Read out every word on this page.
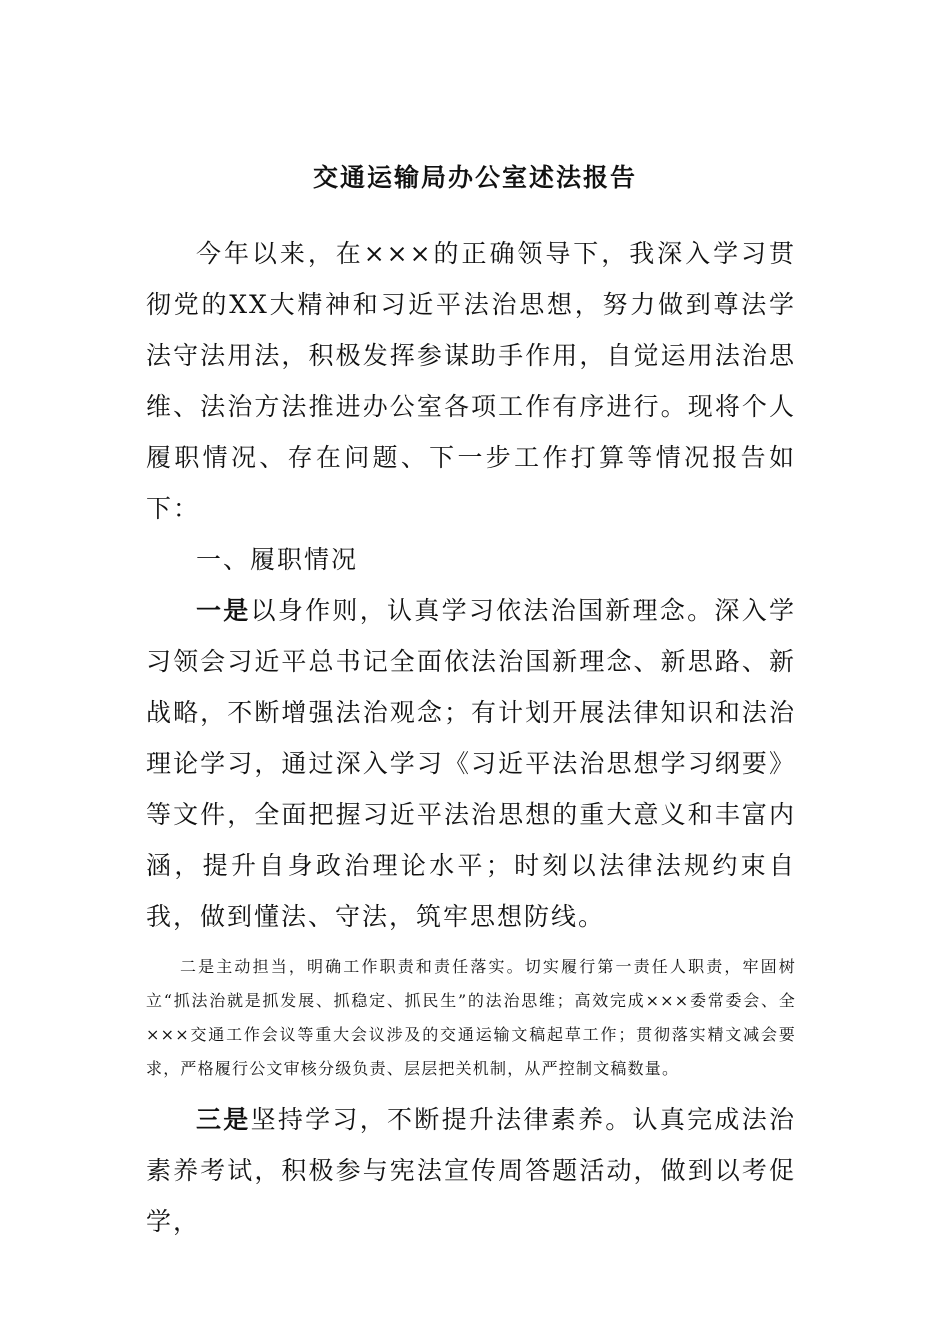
交通运输局办公室述法报告

今年以来，在×××的正确领导下，我深入学习贯彻党的XX大精神和习近平法治思想，努力做到尊法学法守法用法，积极发挥参谋助手作用，自觉运用法治思维、法治方法推进办公室各项工作有序进行。现将个人履职情况、存在问题、下一步工作打算等情况报告如下：

一、履职情况

一是以身作则，认真学习依法治国新理念。深入学习领会习近平总书记全面依法治国新理念、新思路、新战略，不断增强法治观念；有计划开展法律知识和法治理论学习，通过深入学习《习近平法治思想学习纲要》等文件，全面把握习近平法治思想的重大意义和丰富内涵，提升自身政治理论水平；时刻以法律法规约束自我，做到懂法、守法，筑牢思想防线。

二是主动担当，明确工作职责和责任落实。切实履行第一责任人职责，牢固树立“抓法治就是抓发展、抓稳定、抓民生”的法治思维；高效完成×××委常委会、全×××交通工作会议等重大会议涉及的交通运输文稿起草工作；贯彻落实精文减会要求，严格履行公文审核分级负责、层层把关机制，从严控制文稿数量。

三是坚持学习，不断提升法律素养。认真完成法治素养考试，积极参与宪法宣传周答题活动，做到以考促学，
